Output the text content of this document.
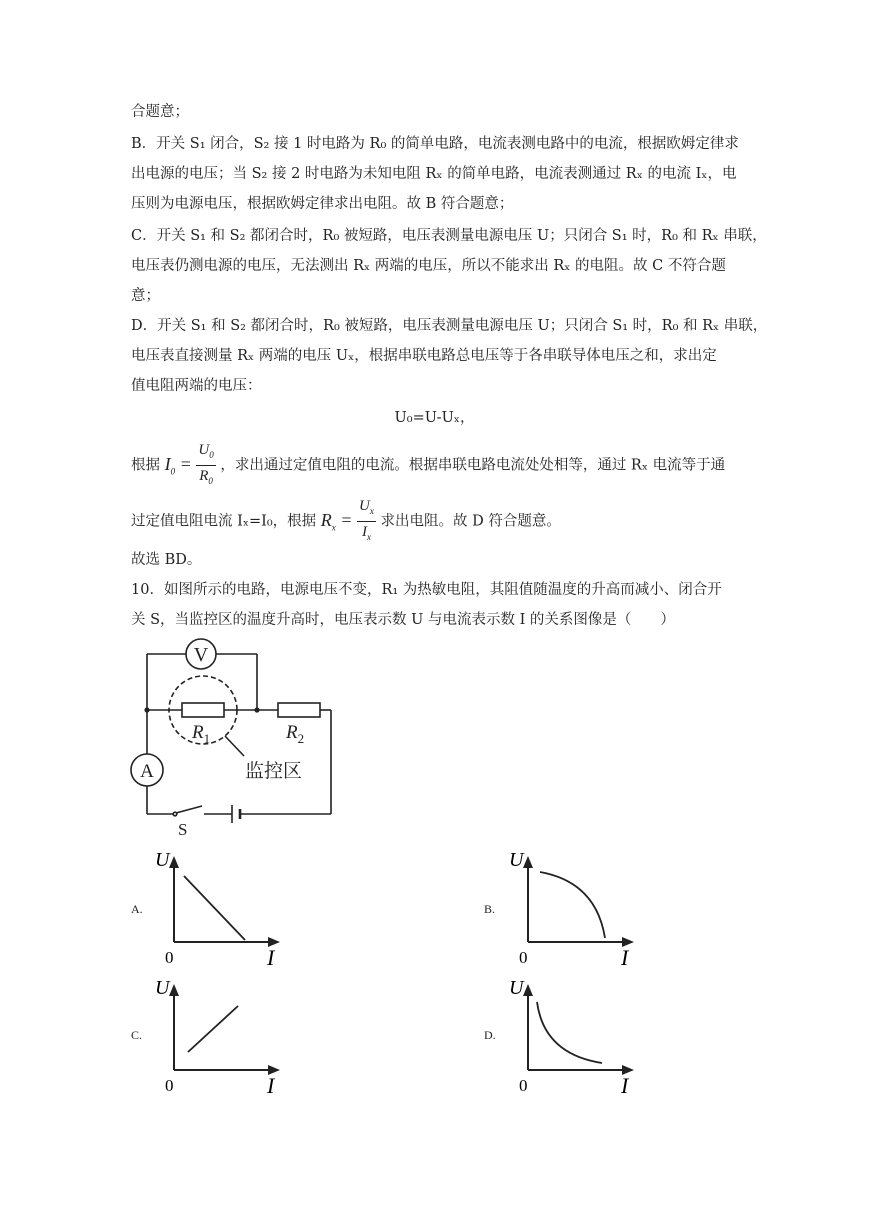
合题意；
B．开关 S₁ 闭合，S₂ 接 1 时电路为 R₀ 的简单电路，电流表测电路中的电流，根据欧姆定律求
出电源的电压；当 S₂ 接 2 时电路为未知电阻 Rₓ 的简单电路，电流表测通过 Rₓ 的电流 Iₓ，电
压则为电源电压，根据欧姆定律求出电阻。故 B 符合题意；
C．开关 S₁ 和 S₂ 都闭合时，R₀ 被短路，电压表测量电源电压 U；只闭合 S₁ 时，R₀ 和 Rₓ 串联，
电压表仍测电源的电压，无法测出 Rₓ 两端的电压，所以不能求出 Rₓ 的电阻。故 C 不符合题
意；
D．开关 S₁ 和 S₂ 都闭合时，R₀ 被短路，电压表测量电源电压 U；只闭合 S₁ 时，R₀ 和 Rₓ 串联，
电压表直接测量 Rₓ 两端的电压 Uₓ，根据串联电路总电压等于各串联导体电压之和，求出定
值电阻两端的电压：
U₀=U-Uₓ，
根据 $I_0 = \frac{U_0}{R_0}$ ，求出通过定值电阻的电流。根据串联电路电流处处相等，通过 Rₓ 电流等于通
过定值电阻电流 Iₓ=I₀，根据 $R_x = \frac{U_x}{I_x}$ 求出电阻。故 D 符合题意。
故选 BD。
10．如图所示的电路，电源电压不变，R₁ 为热敏电阻，其阻值随温度的升高而减小、闭合开
关 S，当监控区的温度升高时，电压表示数 U 与电流表示数 I 的关系图像是（　　）
V
A
$R_1$	$R_2$
监控区
S
A.	B.
C.	D.
U
I
0
U
I
0
U
I
0
U
I
0
